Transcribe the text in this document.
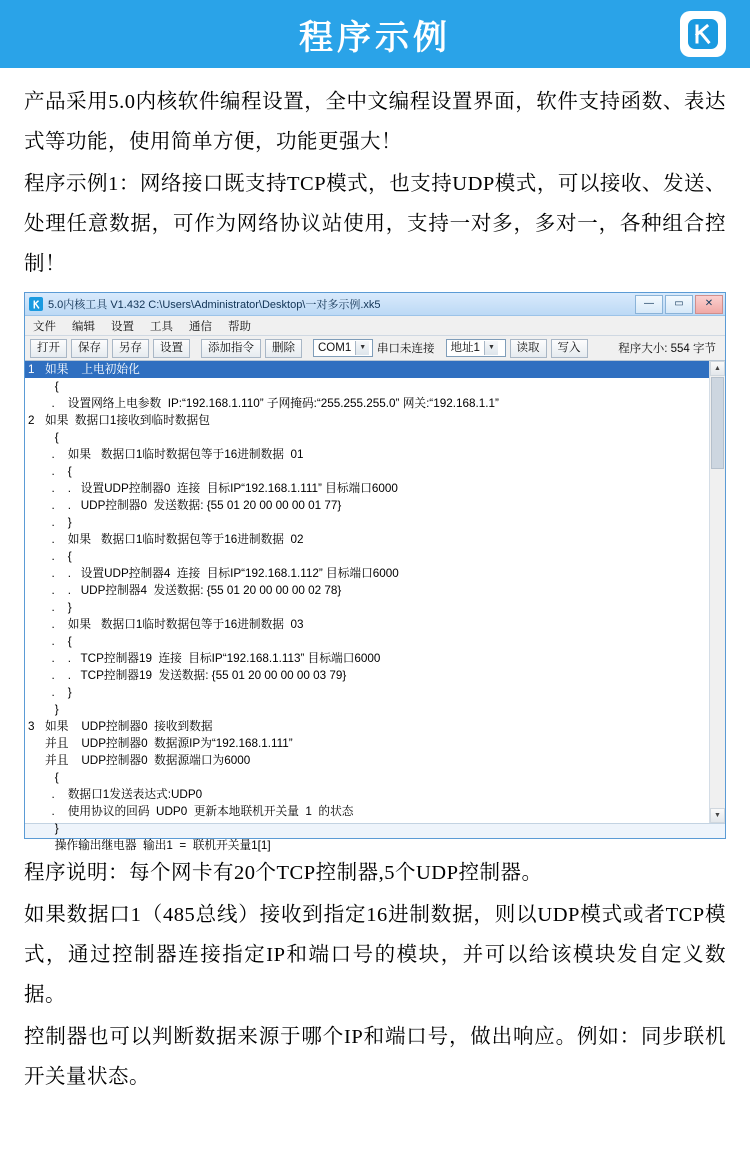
程序示例

产品采用5.0内核软件编程设置，全中文编程设置界面，软件支持函数、表达式等功能，使用简单方便，功能更强大！

程序示例1：网络接口既支持TCP模式，也支持UDP模式，可以接收、发送、处理任意数据，可作为网络协议站使用，支持一对多，多对一，各种组合控制！

5.0内核工具 V1.432 C:\Users\Administrator\Desktop\一对多示例.xk5	—	▭	✕
文件 编辑 设置 工具 通信 帮助
打开	保存	另存	设置	添加指令	删除	COM1	▼ 串口未连接 地址1	▼	读取	写入	程序大小: 554 字节
1 如果    上电初始化
{
.    设置网络上电参数  IP:“192.168.1.110” 子网掩码:“255.255.255.0” 网关:“192.168.1.1”
2 如果  数据口1接收到临时数据包
{
.    如果   数据口1临时数据包等于16进制数据  01
.    {
.    .   设置UDP控制器0  连接  目标IP“192.168.1.111” 目标端口6000
.    .   UDP控制器0  发送数据: {55 01 20 00 00 00 01 77}
.    }
.    如果   数据口1临时数据包等于16进制数据  02
.    {
.    .   设置UDP控制器4  连接  目标IP“192.168.1.112” 目标端口6000
.    .   UDP控制器4  发送数据: {55 01 20 00 00 00 02 78}
.    }
.    如果   数据口1临时数据包等于16进制数据  03
.    {
.    .   TCP控制器19  连接  目标IP“192.168.1.113” 目标端口6000
.    .   TCP控制器19  发送数据: {55 01 20 00 00 00 03 79}
.    }
}
3 如果    UDP控制器0  接收到数据
并且    UDP控制器0  数据源IP为“192.168.1.111”
并且    UDP控制器0  数据源端口为6000
{
.    数据口1发送表达式:UDP0
.    使用协议的回码  UDP0  更新本地联机开关量  1  的状态
}
操作输出继电器  输出1  =  联机开关量1[1]
▲
▼

程序说明：每个网卡有20个TCP控制器,5个UDP控制器。

如果数据口1（485总线）接收到指定16进制数据，则以UDP模式或者TCP模式，通过控制器连接指定IP和端口号的模块，并可以给该模块发自定义数据。

控制器也可以判断数据来源于哪个IP和端口号，做出响应。例如：同步联机开关量状态。
